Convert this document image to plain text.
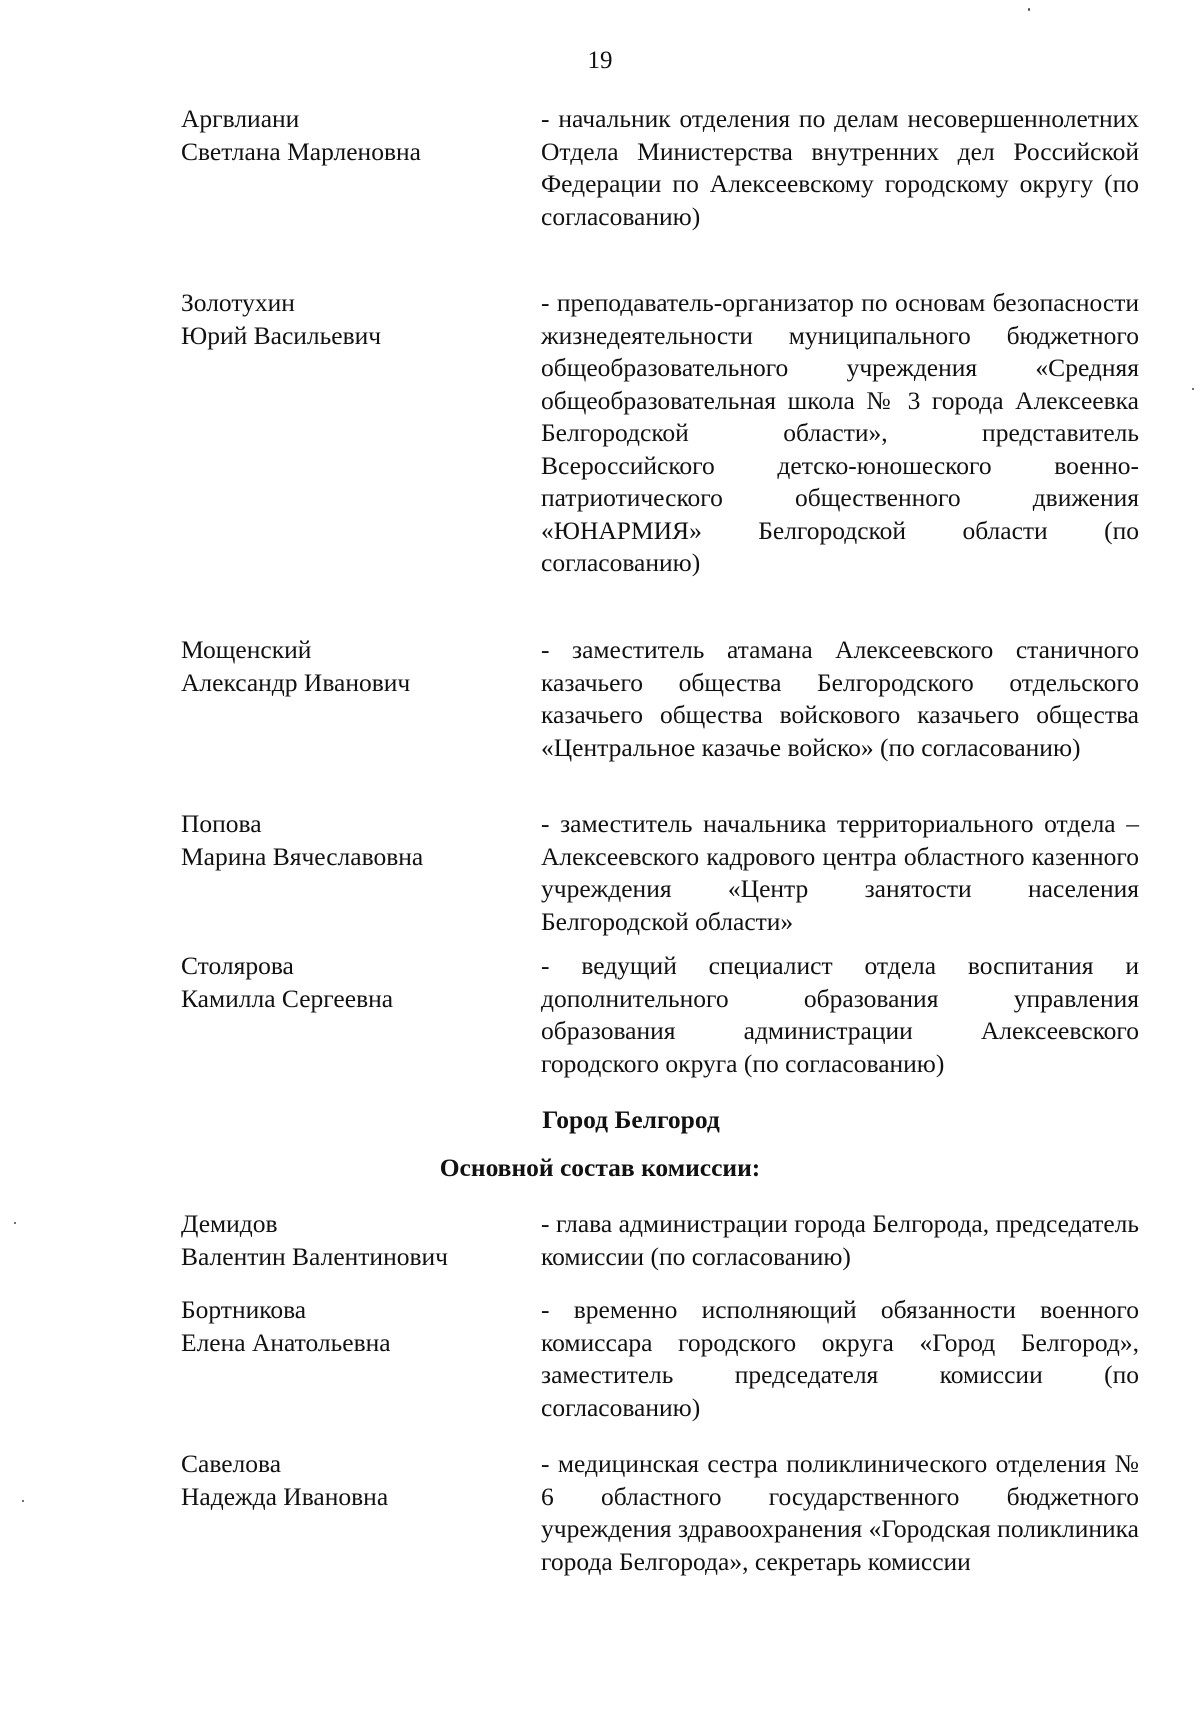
19
Аргвлиани
Светлана Марленовна
- начальник отделения по делам несовершеннолетних Отдела Министерства внутренних дел Российской Федерации по Алексеевскому городскому округу (по согласованию)
Золотухин
Юрий Васильевич
- преподаватель-организатор по основам безопасности жизнедеятельности муниципального бюджетного общеобразовательного учреждения «Средняя общеобразовательная школа № 3 города Алексеевка Белгородской области», представитель Всероссийского детско-юношеского военно-патриотического общественного движения «ЮНАРМИЯ» Белгородской области (по согласованию)
Мощенский
Александр Иванович
- заместитель атамана Алексеевского станичного казачьего общества Белгородского отдельского казачьего общества войскового казачьего общества «Центральное казачье войско» (по согласованию)
Попова
Марина Вячеславовна
- заместитель начальника территориального отдела – Алексеевского кадрового центра областного казенного учреждения «Центр занятости населения Белгородской области»
Столярова
Камилла Сергеевна
- ведущий специалист отдела воспитания и дополнительного образования управления образования администрации Алексеевского городского округа (по согласованию)
Город Белгород
Основной состав комиссии:
Демидов
Валентин Валентинович
- глава администрации города Белгорода, председатель комиссии (по согласованию)
Бортникова
Елена Анатольевна
- временно исполняющий обязанности военного комиссара городского округа «Город Белгород», заместитель председателя комиссии (по согласованию)
Савелова
Надежда Ивановна
- медицинская сестра поликлинического отделения № 6 областного государственного бюджетного учреждения здравоохранения «Городская поликлиника города Белгорода», секретарь комиссии
